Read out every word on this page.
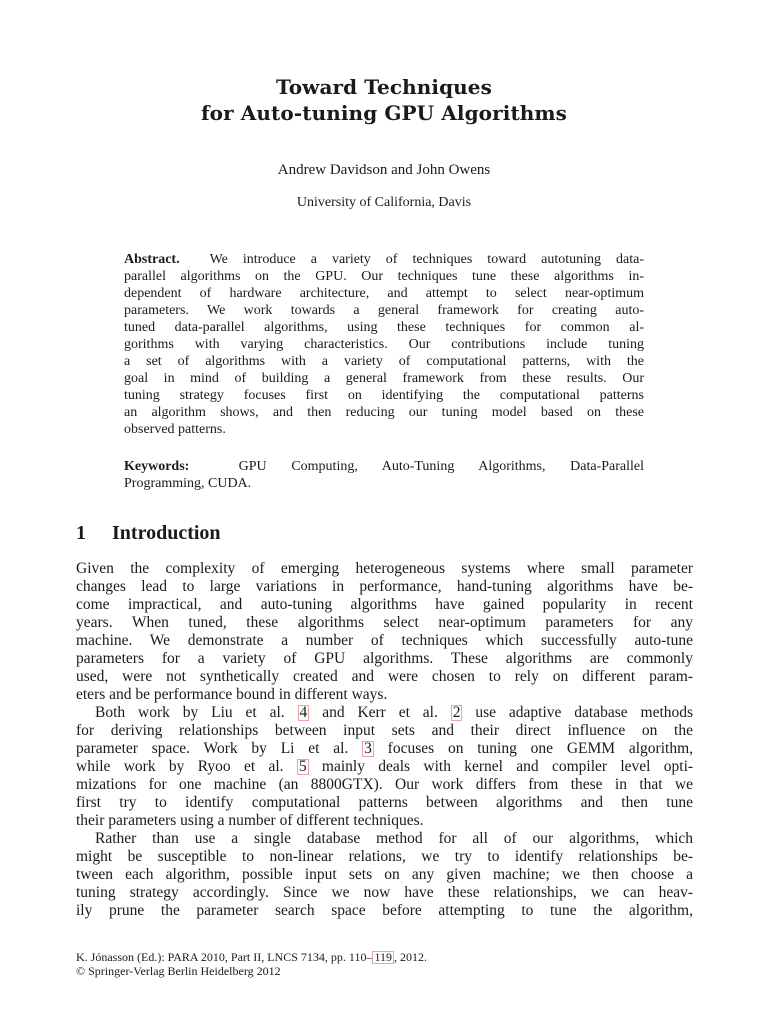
Toward Techniques
for Auto-tuning GPU Algorithms
Andrew Davidson and John Owens
University of California, Davis
Abstract. We introduce a variety of techniques toward autotuning data-
parallel algorithms on the GPU. Our techniques tune these algorithms in-
dependent of hardware architecture, and attempt to select near-optimum
parameters. We work towards a general framework for creating auto-
tuned data-parallel algorithms, using these techniques for common al-
gorithms with varying characteristics. Our contributions include tuning
a set of algorithms with a variety of computational patterns, with the
goal in mind of building a general framework from these results. Our
tuning strategy focuses first on identifying the computational patterns
an algorithm shows, and then reducing our tuning model based on these
observed patterns.
Keywords:	GPU Computing, Auto-Tuning Algorithms, Data-Parallel
Programming, CUDA.
1 Introduction
Given the complexity of emerging heterogeneous systems where small parameter
changes lead to large variations in performance, hand-tuning algorithms have be-
come impractical, and auto-tuning algorithms have gained popularity in recent
years. When tuned, these algorithms select near-optimum parameters for any
machine. We demonstrate a number of techniques which successfully auto-tune
parameters for a variety of GPU algorithms. These algorithms are commonly
used, were not synthetically created and were chosen to rely on different param-
eters and be performance bound in different ways.
Both work by Liu et al. 4 and Kerr et al. 2 use adaptive database methods
for deriving relationships between input sets and their direct influence on the
parameter space. Work by Li et al. 3 focuses on tuning one GEMM algorithm,
while work by Ryoo et al. 5 mainly deals with kernel and compiler level opti-
mizations for one machine (an 8800GTX). Our work differs from these in that we
first try to identify computational patterns between algorithms and then tune
their parameters using a number of different techniques.
Rather than use a single database method for all of our algorithms, which
might be susceptible to non-linear relations, we try to identify relationships be-
tween each algorithm, possible input sets on any given machine; we then choose a
tuning strategy accordingly. Since we now have these relationships, we can heav-
ily prune the parameter search space before attempting to tune the algorithm,
K. Jónasson (Ed.): PARA 2010, Part II, LNCS 7134, pp. 110– 119 , 2012.
© Springer-Verlag Berlin Heidelberg 2012
